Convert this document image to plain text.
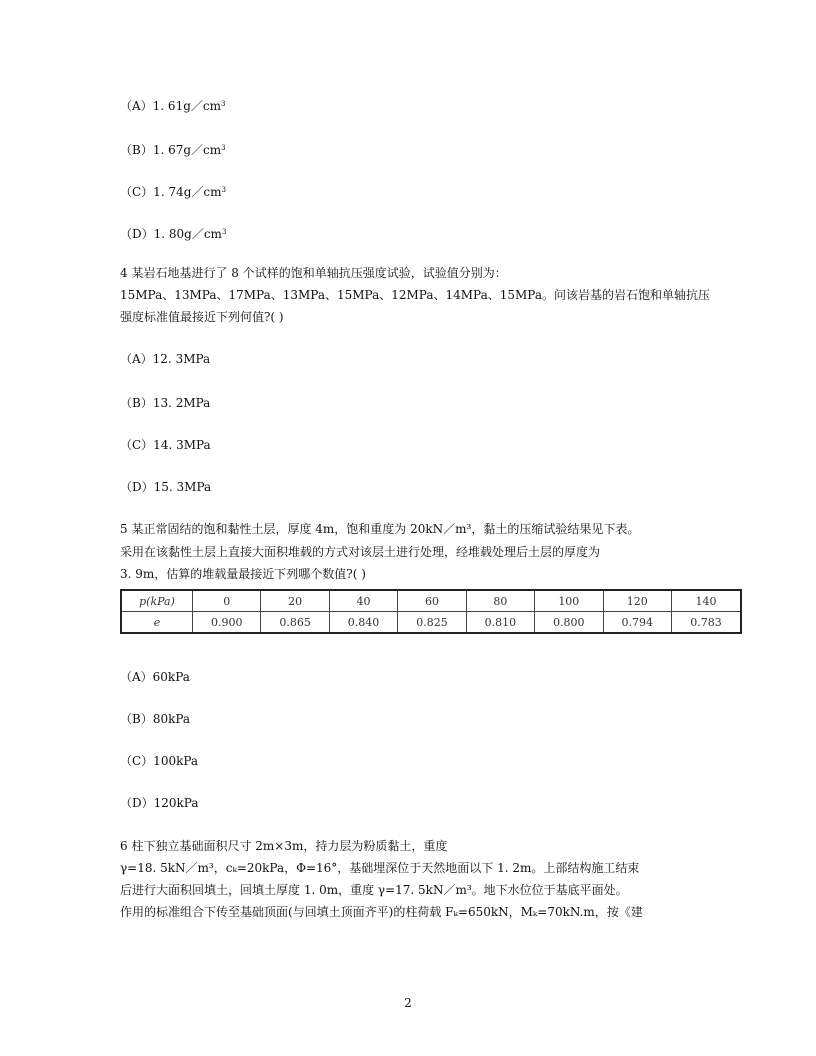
（A）1. $61g/cm^3$
（B）1. $67g/cm^3$
（C）1. $74g/cm^3$
（D）1. $80g/cm^3$
4 某岩石地基进行了 8 个试样的饱和单轴抗压强度试验，试验值分别为：
15MPa、13MPa、17MPa、13MPa、15MPa、12MPa、14MPa、15MPa。问该岩基的岩石饱和单轴抗压
强度标准值最接近下列何值?( )
（A）12. 3MPa
（B）13. 2MPa
（C）14. 3MPa
（D）15. 3MPa
5 某正常固结的饱和黏性土层，厚度 4m，饱和重度为 20kN／m³，黏土的压缩试验结果见下表。
采用在该黏性土层上直接大面积堆载的方式对该层土进行处理，经堆载处理后土层的厚度为
3. 9m，估算的堆载量最接近下列哪个数值?( )
p(kPa)	0	20	40	60	80	100	120	140
e	0.900	0.865	0.840	0.825	0.810	0.800	0.794	0.783
（A）60kPa
（B）80kPa
（C）100kPa
（D）120kPa
6 柱下独立基础面积尺寸 2m×3m，持力层为粉质黏土，重度
γ=18. 5kN／m³，cₖ=20kPa，Φ=16°，基础埋深位于天然地面以下 1. 2m。上部结构施工结束
后进行大面积回填土，回填土厚度 1. 0m，重度 γ=17. 5kN／m³。地下水位位于基底平面处。
作用的标准组合下传至基础顶面(与回填土顶面齐平)的柱荷载 Fₖ=650kN，Mₖ=70kN.m，按《建
2
